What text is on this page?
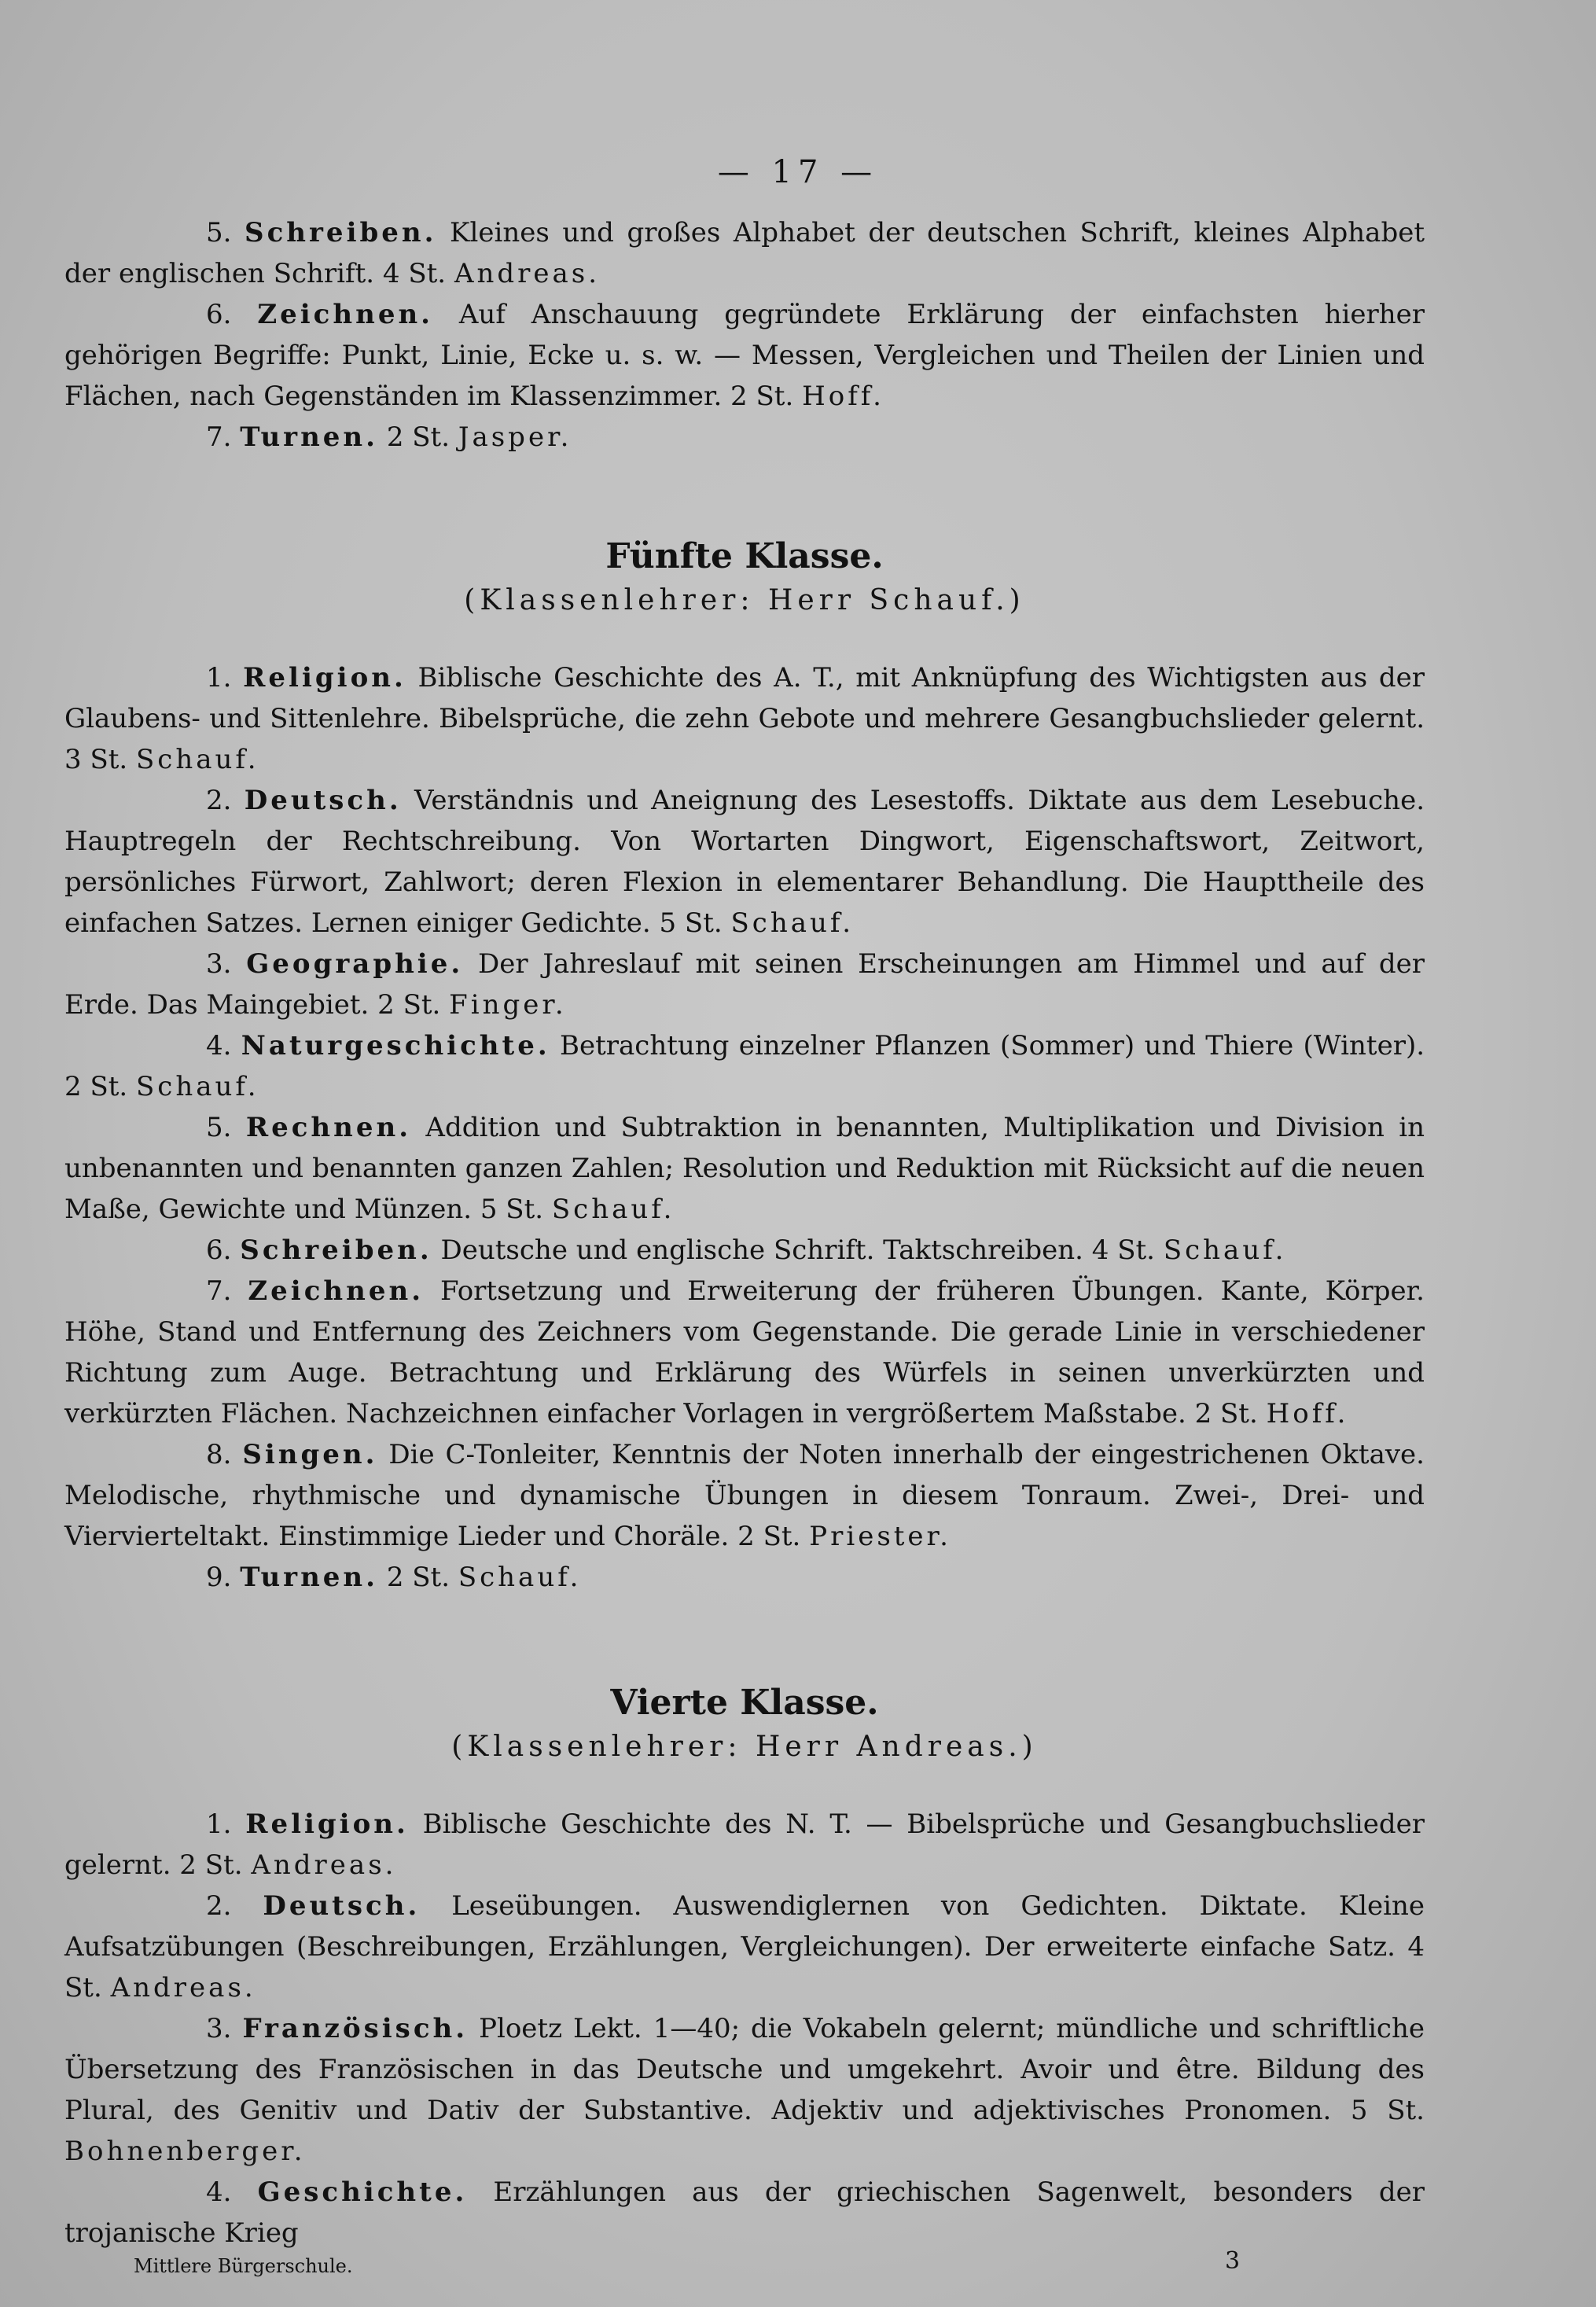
— 17 —

5. Schreiben. Kleines und großes Alphabet der deutschen Schrift, kleines Alphabet der englischen Schrift. 4 St. Andreas.

6. Zeichnen. Auf Anschauung gegründete Erklärung der einfachsten hierher gehörigen Begriffe: Punkt, Linie, Ecke u. s. w. — Messen, Vergleichen und Theilen der Linien und Flächen, nach Gegenständen im Klassenzimmer. 2 St. Hoff.

7. Turnen. 2 St. Jasper.

Fünfte Klasse.
(Klassenlehrer: Herr Schauf.)

1. Religion. Biblische Geschichte des A. T., mit Anknüpfung des Wichtigsten aus der Glaubens- und Sittenlehre. Bibelsprüche, die zehn Gebote und mehrere Gesangbuchslieder gelernt. 3 St. Schauf.

2. Deutsch. Verständnis und Aneignung des Lesestoffs. Diktate aus dem Lesebuche. Hauptregeln der Rechtschreibung. Von Wortarten Dingwort, Eigenschaftswort, Zeitwort, persönliches Fürwort, Zahlwort; deren Flexion in elementarer Behandlung. Die Haupttheile des einfachen Satzes. Lernen einiger Gedichte. 5 St. Schauf.

3. Geographie. Der Jahreslauf mit seinen Erscheinungen am Himmel und auf der Erde. Das Maingebiet. 2 St. Finger.

4. Naturgeschichte. Betrachtung einzelner Pflanzen (Sommer) und Thiere (Winter). 2 St. Schauf.

5. Rechnen. Addition und Subtraktion in benannten, Multiplikation und Division in unbenannten und benannten ganzen Zahlen; Resolution und Reduktion mit Rücksicht auf die neuen Maße, Gewichte und Münzen. 5 St. Schauf.

6. Schreiben. Deutsche und englische Schrift. Taktschreiben. 4 St. Schauf.

7. Zeichnen. Fortsetzung und Erweiterung der früheren Übungen. Kante, Körper. Höhe, Stand und Entfernung des Zeichners vom Gegenstande. Die gerade Linie in verschiedener Richtung zum Auge. Betrachtung und Erklärung des Würfels in seinen unverkürzten und verkürzten Flächen. Nachzeichnen einfacher Vorlagen in vergrößertem Maßstabe. 2 St. Hoff.

8. Singen. Die C-Tonleiter, Kenntnis der Noten innerhalb der eingestrichenen Oktave. Melodische, rhythmische und dynamische Übungen in diesem Tonraum. Zwei-, Drei- und Viervierteltakt. Einstimmige Lieder und Choräle. 2 St. Priester.

9. Turnen. 2 St. Schauf.

Vierte Klasse.
(Klassenlehrer: Herr Andreas.)

1. Religion. Biblische Geschichte des N. T. — Bibelsprüche und Gesangbuchslieder gelernt. 2 St. Andreas.

2. Deutsch. Leseübungen. Auswendiglernen von Gedichten. Diktate. Kleine Aufsatzübungen (Beschreibungen, Erzählungen, Vergleichungen). Der erweiterte einfache Satz. 4 St. Andreas.

3. Französisch. Ploetz Lekt. 1—40; die Vokabeln gelernt; mündliche und schriftliche Übersetzung des Französischen in das Deutsche und umgekehrt. Avoir und être. Bildung des Plural, des Genitiv und Dativ der Substantive. Adjektiv und adjektivisches Pronomen. 5 St. Bohnenberger.

4. Geschichte. Erzählungen aus der griechischen Sagenwelt, besonders der trojanische Krieg

Mittlere Bürgerschule.	3
